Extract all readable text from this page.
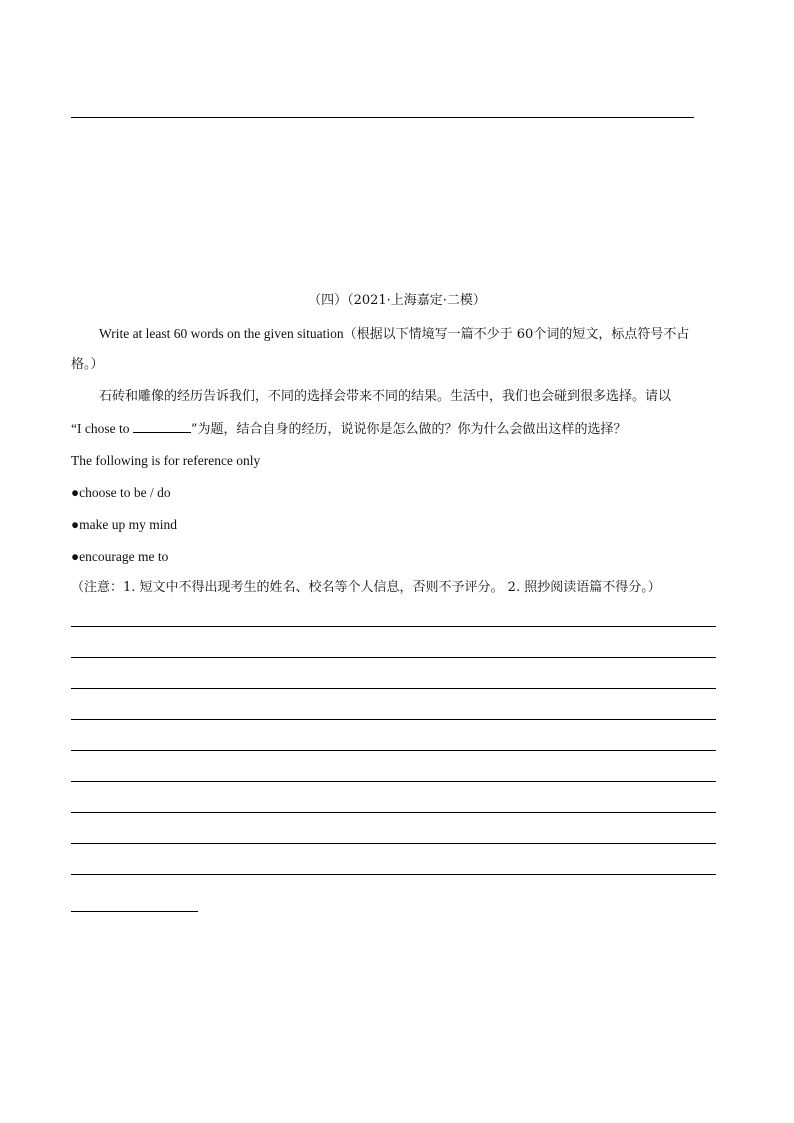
（四）（2021·上海嘉定·二模）
Write at least 60 words on the given situation（根据以下情境写一篇不少于 60个词的短文，标点符号不占
格。）
石砖和雕像的经历告诉我们，不同的选择会带来不同的结果。生活中，我们也会碰到很多选择。请以
“I chose to	”为题，结合自身的经历，说说你是怎么做的？你为什么会做出这样的选择？
The following is for reference only
●choose to be / do
●make up my mind
●encourage me to
（注意：1. 短文中不得出现考生的姓名、校名等个人信息，否则不予评分。 2. 照抄阅读语篇不得分。）
